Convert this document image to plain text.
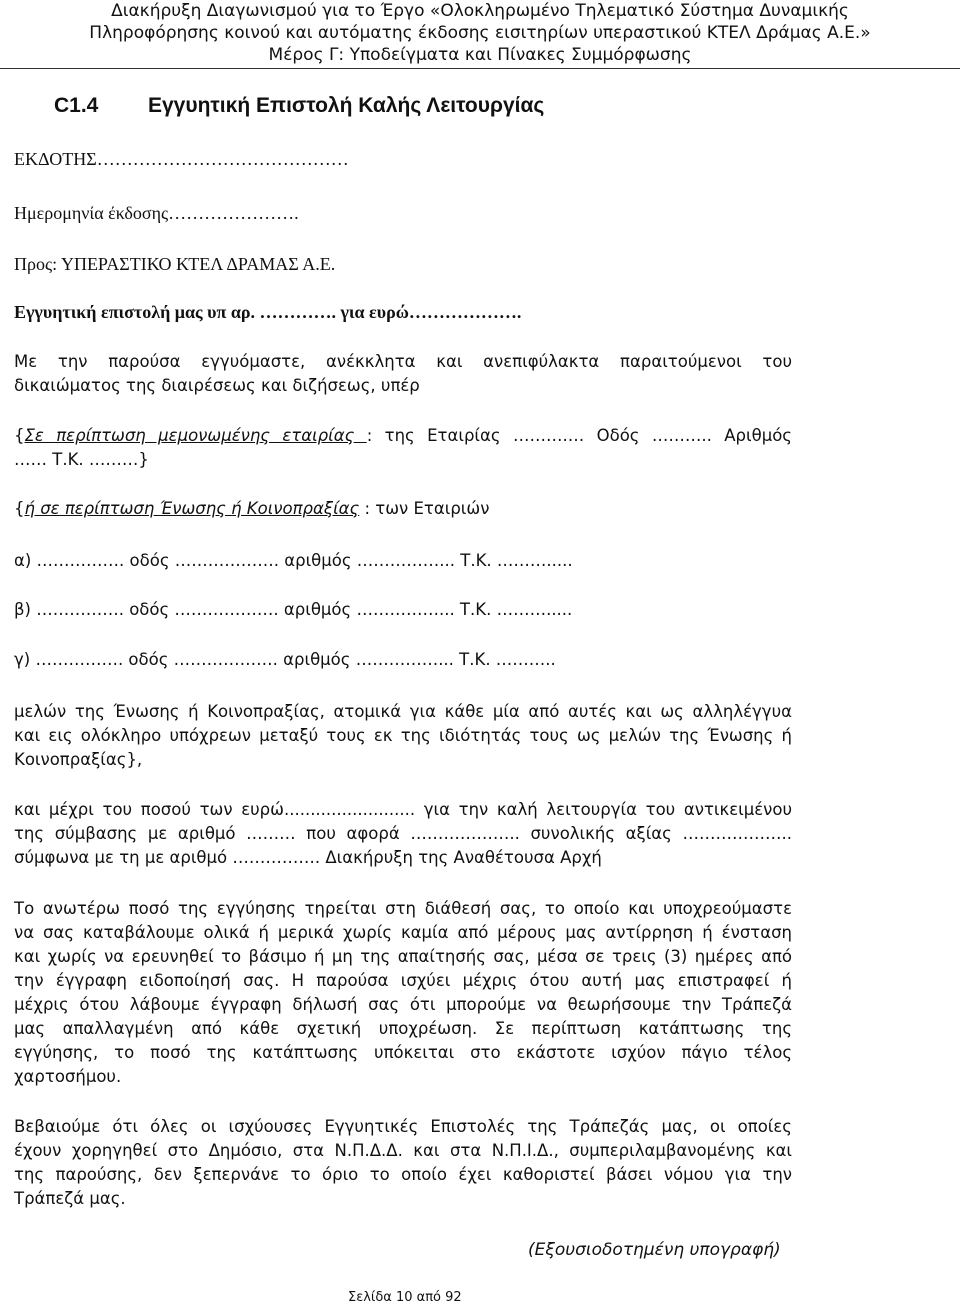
Διακήρυξη Διαγωνισμού για το Έργο «Ολοκληρωμένο Τηλεματικό Σύστημα Δυναμικής
Πληροφόρησης κοινού και αυτόματης έκδοσης εισιτηρίων υπεραστικού ΚΤΕΛ Δράμας Α.Ε.»
Μέρος Γ: Υποδείγματα και Πίνακες Συμμόρφωσης
C1.4 Εγγυητική Επιστολή Καλής Λειτουργίας
ΕΚΔΟΤΗΣ……………………………………
Ημερομηνία έκδοσης………………….
Προς: ΥΠΕΡΑΣΤΙΚΟ ΚΤΕΛ ΔΡΑΜΑΣ Α.Ε.
Εγγυητική επιστολή μας υπ αρ. …………. για ευρώ……………….
Με την παρούσα εγγυόμαστε, ανέκκλητα και ανεπιφύλακτα παραιτούμενοι του
δικαιώματος της διαιρέσεως και διζήσεως, υπέρ
{Σε περίπτωση μεμονωμένης εταιρίας : της Εταιρίας ……….… Οδός ……….. Αριθμός
…… Τ.Κ. ………}
{ή σε περίπτωση Ένωσης ή Κοινοπραξίας : των Εταιριών
α) ……………. οδός ………………. αριθμός ……………... Τ.Κ. ……….....
β) ……………. οδός ………………. αριθμός ……………... Τ.Κ. ……….....
γ) ……………. οδός ………………. αριθμός ……………... Τ.Κ. ………..
μελών της Ένωσης ή Κοινοπραξίας, ατομικά για κάθε μία από αυτές και ως αλληλέγγυα
και εις ολόκληρο υπόχρεων μεταξύ τους εκ της ιδιότητάς τους ως μελών της Ένωσης ή
Κοινοπραξίας},
και μέχρι του ποσού των ευρώ......................... για την καλή λειτουργία του αντικειμένου
της σύμβασης με αριθμό ……… που αφορά ……………….. συνολικής αξίας ………………..
σύμφωνα με τη με αριθμό ……………. Διακήρυξη της Αναθέτουσα Αρχή
Το ανωτέρω ποσό της εγγύησης τηρείται στη διάθεσή σας, το οποίο και υποχρεούμαστε
να σας καταβάλουμε ολικά ή μερικά χωρίς καμία από μέρους μας αντίρρηση ή ένσταση
και χωρίς να ερευνηθεί το βάσιμο ή μη της απαίτησής σας, μέσα σε τρεις (3) ημέρες από
την έγγραφη ειδοποίησή σας. Η παρούσα ισχύει μέχρις ότου αυτή μας επιστραφεί ή
μέχρις ότου λάβουμε έγγραφη δήλωσή σας ότι μπορούμε να θεωρήσουμε την Τράπεζά
μας απαλλαγμένη από κάθε σχετική υποχρέωση. Σε περίπτωση κατάπτωσης της
εγγύησης, το ποσό της κατάπτωσης υπόκειται στο εκάστοτε ισχύον πάγιο τέλος
χαρτοσήμου.
Βεβαιούμε ότι όλες οι ισχύουσες Εγγυητικές Επιστολές της Τράπεζάς μας, οι οποίες
έχουν χορηγηθεί στο Δημόσιο, στα Ν.Π.Δ.Δ. και στα Ν.Π.Ι.Δ., συμπεριλαμβανομένης και
της παρούσης, δεν ξεπερνάνε το όριο το οποίο έχει καθοριστεί βάσει νόμου για την
Τράπεζά μας.
(Εξουσιοδοτημένη υπογραφή)
Σελίδα 10 από 92
